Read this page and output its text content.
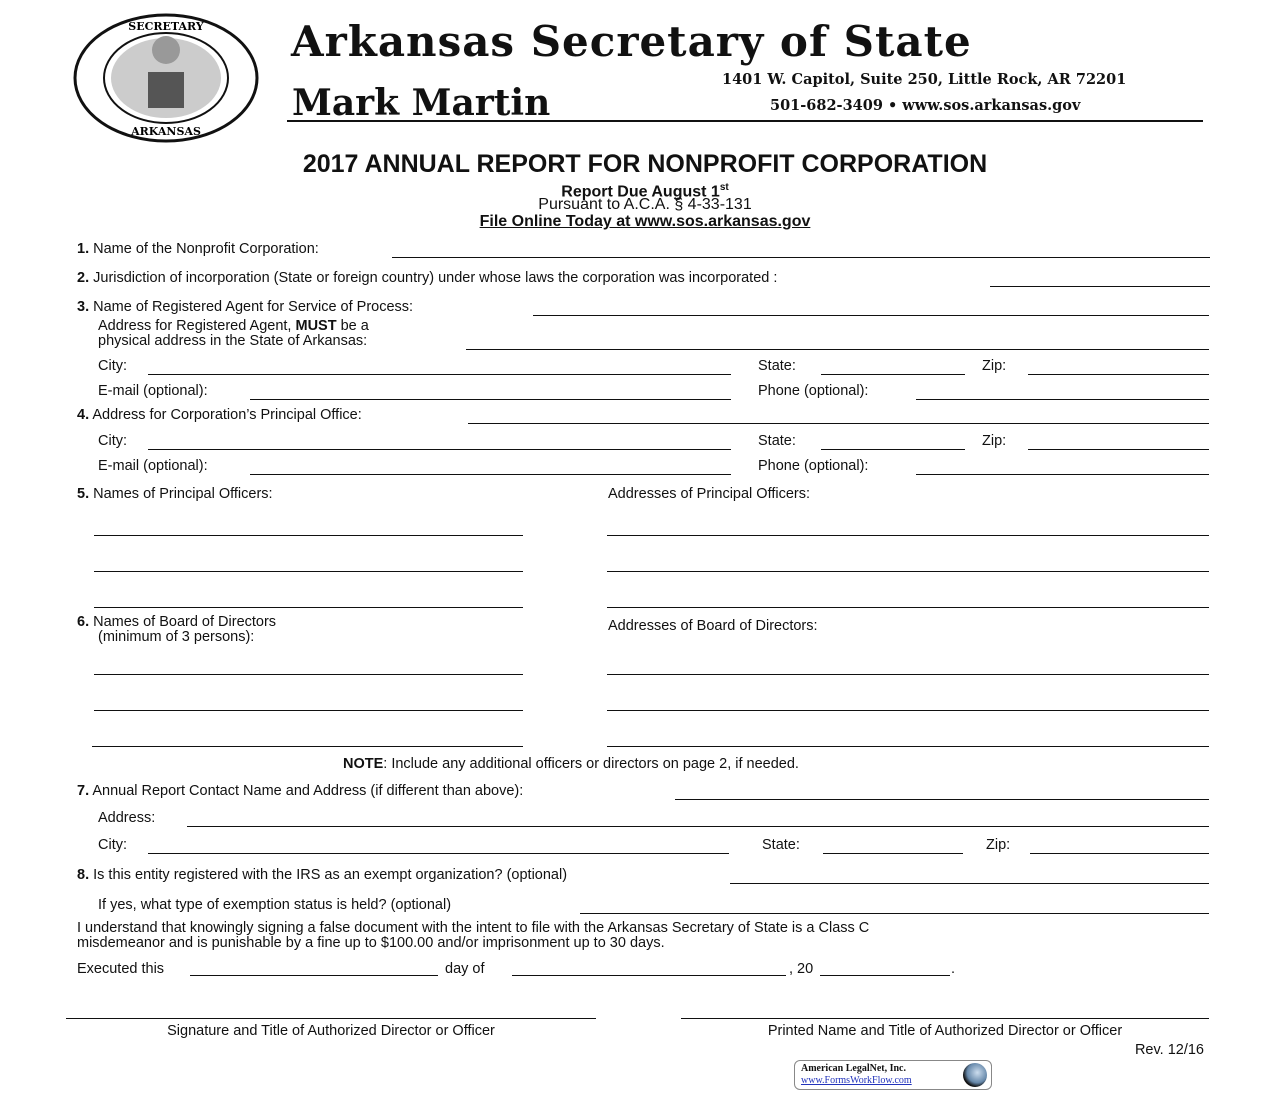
SECRETARY
ARKANSAS
Arkansas Secretary of State
Mark Martin
1401 W. Capitol, Suite 250, Little Rock, AR 72201
501-682-3409 • www.sos.arkansas.gov
2017 ANNUAL REPORT FOR NONPROFIT CORPORATION
Report Due August 1st
Pursuant to A.C.A. § 4-33-131
File Online Today at www.sos.arkansas.gov
1. Name of the Nonprofit Corporation:
2. Jurisdiction of incorporation (State or foreign country) under whose laws the corporation was incorporated :
3. Name of Registered Agent for Service of Process:
Address for Registered Agent, MUST be a
physical address in the State of Arkansas:
City:	State:	Zip:
E-mail (optional):	Phone (optional):
4. Address for Corporation’s Principal Office:
City:	State:	Zip:
E-mail (optional):	Phone (optional):
5. Names of Principal Officers:	Addresses of Principal Officers:
6. Names of Board of Directors
(minimum of 3 persons):
Addresses of Board of Directors:
NOTE: Include any additional officers or directors on page 2, if needed.
7. Annual Report Contact Name and Address (if different than above):
Address:
City:	State:	Zip:
8. Is this entity registered with the IRS as an exempt organization? (optional)
If yes, what type of exemption status is held? (optional)
I understand that knowingly signing a false document with the intent to file with the Arkansas Secretary of State is a Class C
misdemeanor and is punishable by a fine up to $100.00 and/or imprisonment up to 30 days.
Executed this	day of	, 20	.
Signature and Title of Authorized Director or Officer	Printed Name and Title of Authorized Director or Officer
Rev. 12/16
American LegalNet, Inc.
www.FormsWorkFlow.com
